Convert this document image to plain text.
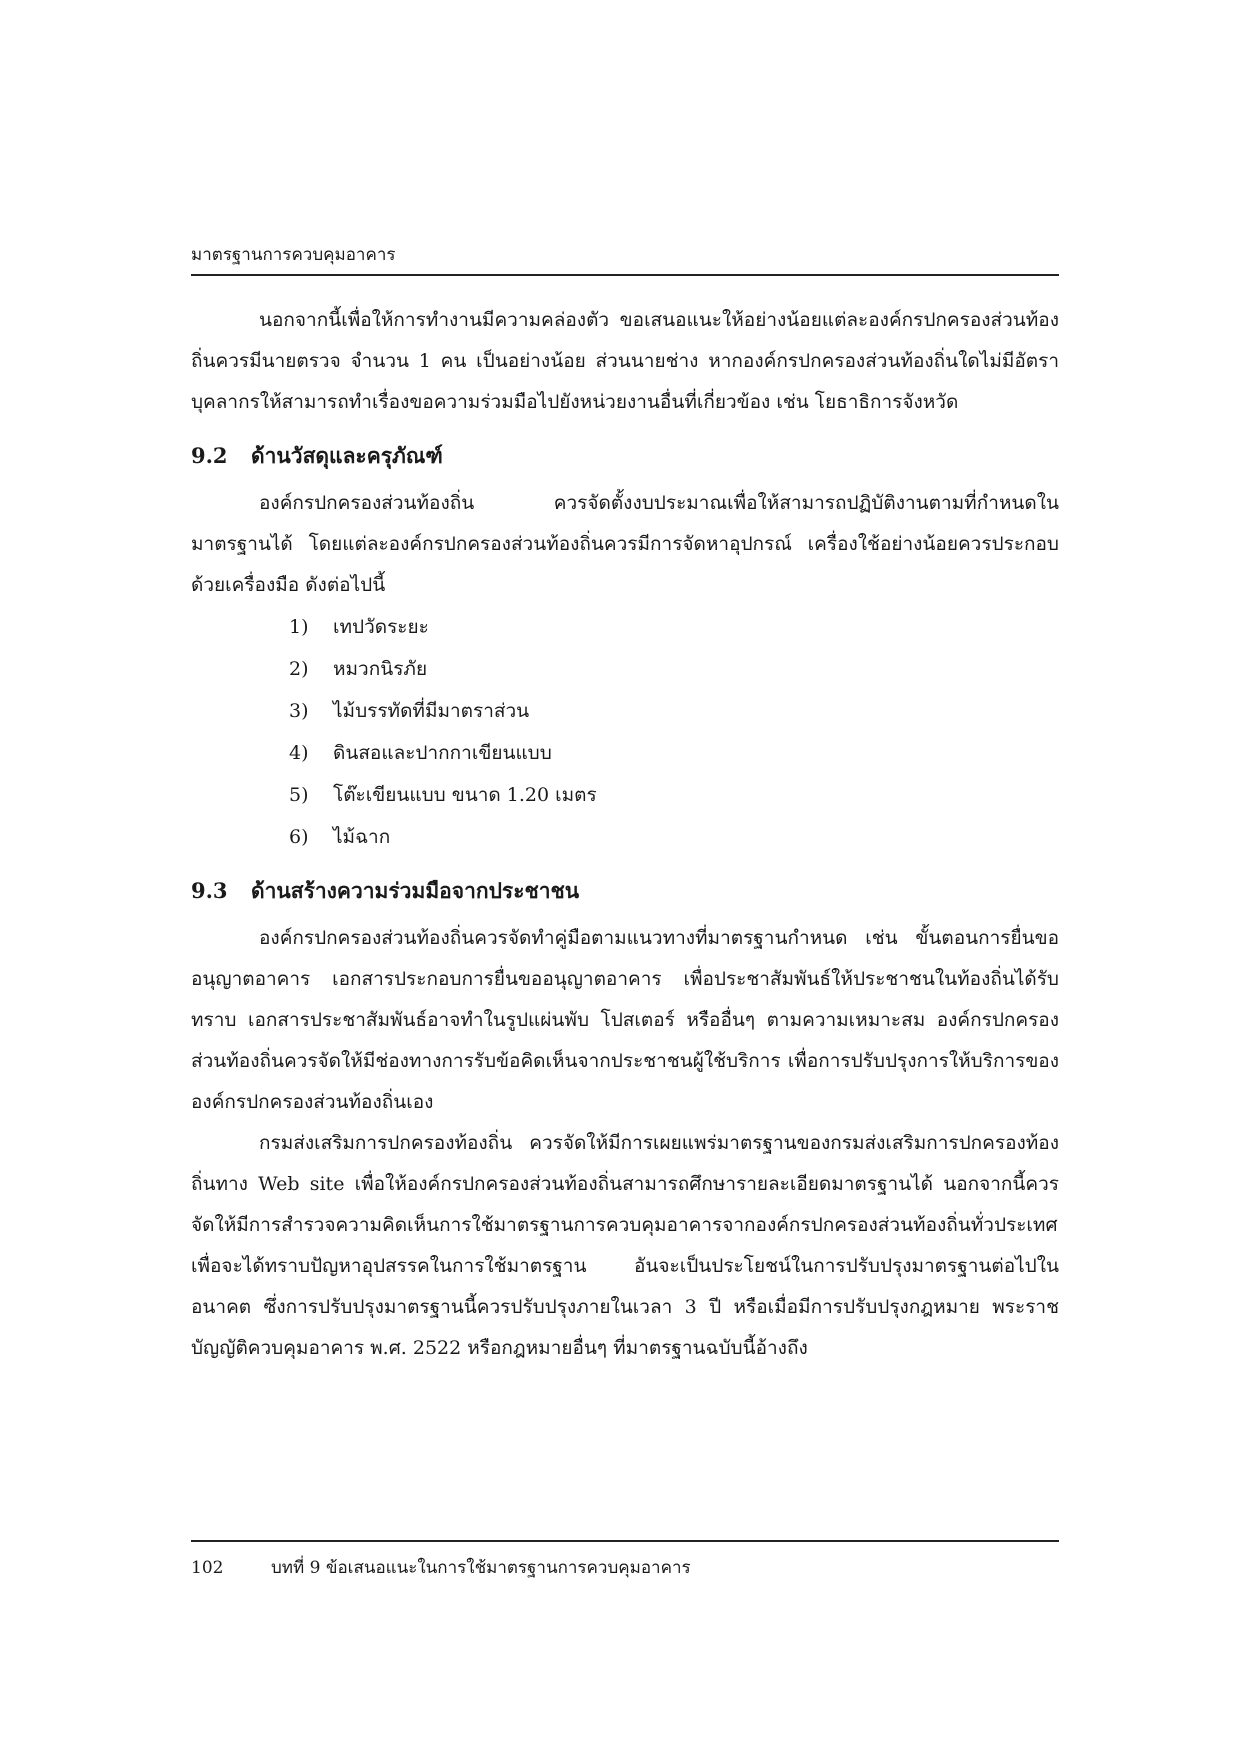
มาตรฐานการควบคุมอาคาร

นอกจากนี้เพื่อให้การทำงานมีความคล่องตัว ขอเสนอแนะให้อย่างน้อยแต่ละองค์กรปกครองส่วนท้องถิ่นควรมีนายตรวจ จำนวน 1 คน เป็นอย่างน้อย ส่วนนายช่าง หากองค์กรปกครองส่วนท้องถิ่นใดไม่มีอัตราบุคลากรให้สามารถทำเรื่องขอความร่วมมือไปยังหน่วยงานอื่นที่เกี่ยวข้อง เช่น โยธาธิการจังหวัด

9.2 ด้านวัสดุและครุภัณฑ์

องค์กรปกครองส่วนท้องถิ่น ควรจัดตั้งงบประมาณเพื่อให้สามารถปฏิบัติงานตามที่กำหนดในมาตรฐานได้ โดยแต่ละองค์กรปกครองส่วนท้องถิ่นควรมีการจัดหาอุปกรณ์ เครื่องใช้อย่างน้อยควรประกอบด้วยเครื่องมือ ดังต่อไปนี้

1) เทปวัดระยะ
2) หมวกนิรภัย
3) ไม้บรรทัดที่มีมาตราส่วน
4) ดินสอและปากกาเขียนแบบ
5) โต๊ะเขียนแบบ ขนาด 1.20 เมตร
6) ไม้ฉาก
9.3 ด้านสร้างความร่วมมือจากประชาชน

องค์กรปกครองส่วนท้องถิ่นควรจัดทำคู่มือตามแนวทางที่มาตรฐานกำหนด เช่น ขั้นตอนการยื่นขออนุญาตอาคาร เอกสารประกอบการยื่นขออนุญาตอาคาร เพื่อประชาสัมพันธ์ให้ประชาชนในท้องถิ่นได้รับทราบ เอกสารประชาสัมพันธ์อาจทำในรูปแผ่นพับ โปสเตอร์ หรืออื่นๆ ตามความเหมาะสม องค์กรปกครองส่วนท้องถิ่นควรจัดให้มีช่องทางการรับข้อคิดเห็นจากประชาชนผู้ใช้บริการ เพื่อการปรับปรุงการให้บริการขององค์กรปกครองส่วนท้องถิ่นเอง

กรมส่งเสริมการปกครองท้องถิ่น ควรจัดให้มีการเผยแพร่มาตรฐานของกรมส่งเสริมการปกครองท้องถิ่นทาง Web site เพื่อให้องค์กรปกครองส่วนท้องถิ่นสามารถศึกษารายละเอียดมาตรฐานได้ นอกจากนี้ควรจัดให้มีการสำรวจความคิดเห็นการใช้มาตรฐานการควบคุมอาคารจากองค์กรปกครองส่วนท้องถิ่นทั่วประเทศ เพื่อจะได้ทราบปัญหาอุปสรรคในการใช้มาตรฐาน อันจะเป็นประโยชน์ในการปรับปรุงมาตรฐานต่อไปในอนาคต ซึ่งการปรับปรุงมาตรฐานนี้ควรปรับปรุงภายในเวลา 3 ปี หรือเมื่อมีการปรับปรุงกฎหมาย พระราชบัญญัติควบคุมอาคาร พ.ศ. 2522 หรือกฎหมายอื่นๆ ที่มาตรฐานฉบับนี้อ้างถึง

102	บทที่ 9 ข้อเสนอแนะในการใช้มาตรฐานการควบคุมอาคาร
